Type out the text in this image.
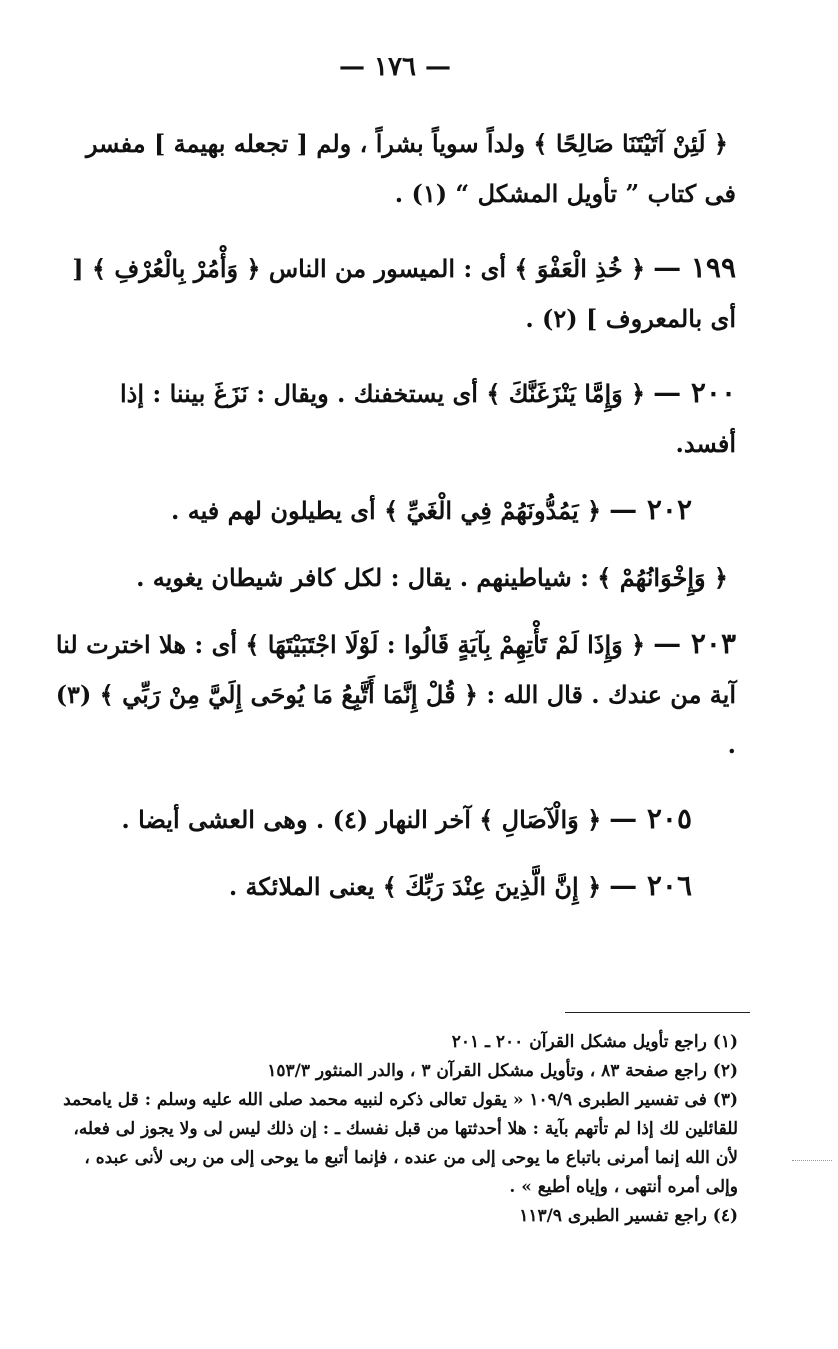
— ١٧٦ —

﴿ لَئِنْ آتَيْتَنَا صَالِحًا ﴾ ولداً سوياً بشراً ، ولم [ تجعله بهيمة ] مفسر فى كتاب ” تأويل المشكل “ (١) .

١٩٩ —﴿ خُذِ الْعَفْوَ ﴾ أى : الميسور من الناس ﴿ وَأْمُرْ بِالْعُرْفِ ﴾ [ أى بالمعروف ] (٢) .

٢٠٠ —﴿ وَإِمَّا يَنْزَغَنَّكَ ﴾ أى يستخفنك . ويقال : نَزَغَ بيننا : إذا أفسد.

٢٠٢ —﴿ يَمُدُّونَهُمْ فِي الْغَيِّ ﴾ أى يطيلون لهم فيه .

﴿ وَإِخْوَانُهُمْ ﴾ : شياطينهم . يقال : لكل كافر شيطان يغويه .

٢٠٣ —﴿ وَإِذَا لَمْ تَأْتِهِمْ بِآيَةٍ قَالُوا : لَوْلَا اجْتَبَيْتَهَا ﴾ أى : هلا اخترت لنا آية من عندك . قال الله : ﴿ قُلْ إِنَّمَا أَتَّبِعُ مَا يُوحَى إِلَيَّ مِنْ رَبِّي ﴾ (٣) .

٢٠٥ —﴿ وَالْآصَالِ ﴾ آخر النهار (٤) . وهى العشى أيضا .

٢٠٦ —﴿ إِنَّ الَّذِينَ عِنْدَ رَبِّكَ ﴾ يعنى الملائكة .

(١) راجع تأويل مشكل القرآن ٢٠٠ ـ ٢٠١

(٢) راجع صفحة ٨٣ ، وتأويل مشكل القرآن ٣ ، والدر المنثور ١٥٣/٣

(٣) فى تفسير الطبرى ١٠٩/٩ « يقول تعالى ذكره لنبيه محمد صلى الله عليه وسلم : قل يامحمد للقائلين لك إذا لم تأتهم بآية : هلا أحدثتها من قبل نفسك ـ : إن ذلك ليس لى ولا يجوز لى فعله، لأن الله إنما أمرنى باتباع ما يوحى إلى من عنده ، فإنما أتبع ما يوحى إلى من ربى لأنى عبده ، وإلى أمره أنتهى ، وإياه أطيع » .

(٤) راجع تفسير الطبرى ١١٣/٩
